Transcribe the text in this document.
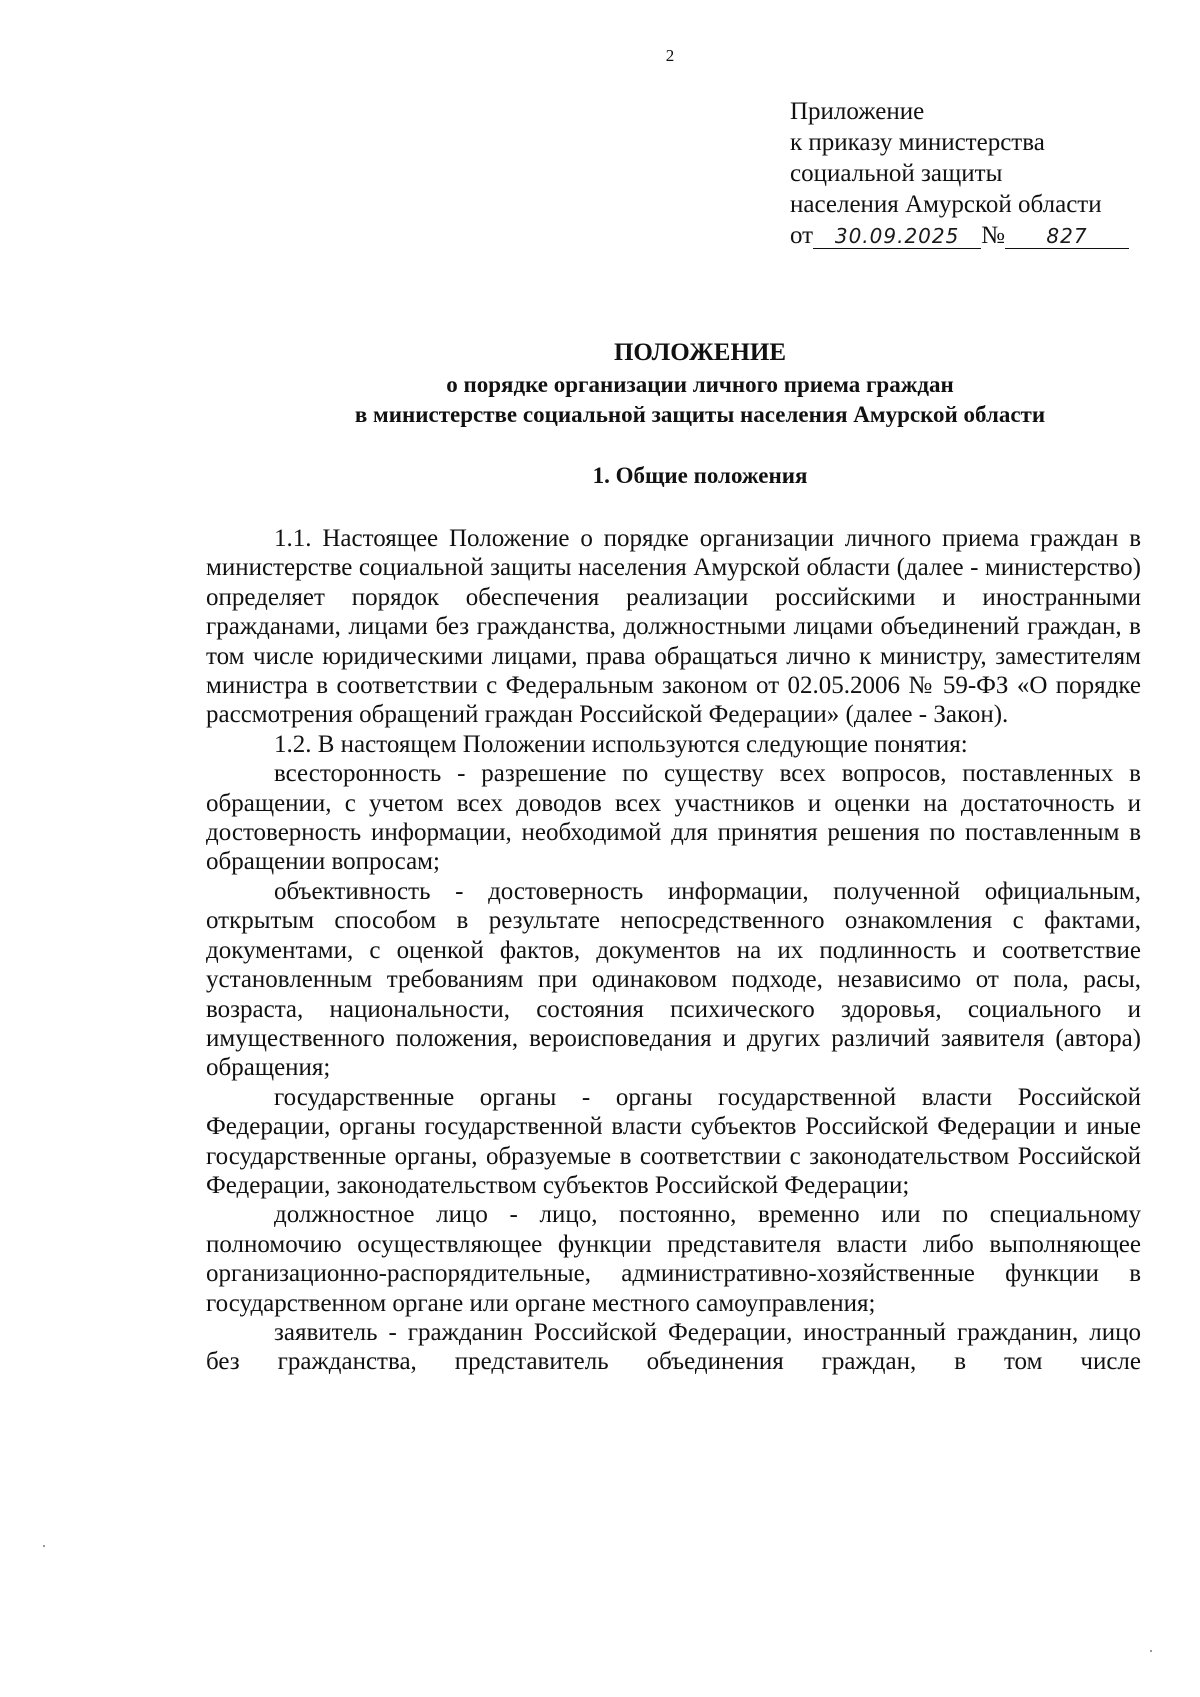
2
Приложение
к приказу министерства
социальной защиты
населения Амурской области
от 30.09.2025 № 827
ПОЛОЖЕНИЕ
о порядке организации личного приема граждан
в министерстве социальной защиты населения Амурской области
1. Общие положения

1.1. Настоящее Положение о порядке организации личного приема граждан в министерстве социальной защиты населения Амурской области (далее - министерство) определяет порядок обеспечения реализации российскими и иностранными гражданами, лицами без гражданства, должностными лицами объединений граждан, в том числе юридическими лицами, права обращаться лично к министру, заместителям министра в соответствии с Федеральным законом от 02.05.2006 № 59-ФЗ «О порядке рассмотрения обращений граждан Российской Федерации» (далее - Закон).

1.2. В настоящем Положении используются следующие понятия:

всесторонность - разрешение по существу всех вопросов, поставленных в обращении, с учетом всех доводов всех участников и оценки на достаточность и достоверность информации, необходимой для принятия решения по поставленным в обращении вопросам;

объективность - достоверность информации, полученной официальным, открытым способом в результате непосредственного ознакомления с фактами, документами, с оценкой фактов, документов на их подлинность и соответствие установленным требованиям при одинаковом подходе, независимо от пола, расы, возраста, национальности, состояния психического здоровья, социального и имущественного положения, вероисповедания и других различий заявителя (автора) обращения;

государственные органы - органы государственной власти Российской Федерации, органы государственной власти субъектов Российской Федерации и иные государственные органы, образуемые в соответствии с законодательством Российской Федерации, законодательством субъектов Российской Федерации;

должностное лицо - лицо, постоянно, временно или по специальному полномочию осуществляющее функции представителя власти либо выполняющее организационно-распорядительные, административно-хозяйственные функции в государственном органе или органе местного самоуправления;

заявитель - гражданин Российской Федерации, иностранный гражданин, лицо без гражданства, представитель объединения граждан, в том числе
